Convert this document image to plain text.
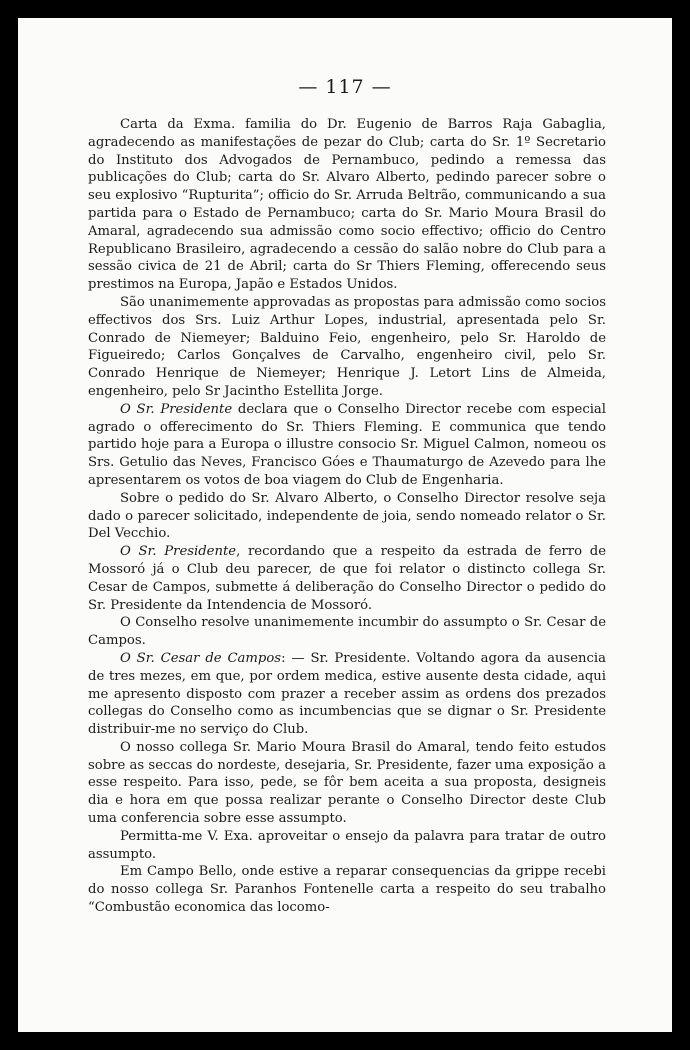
— 117 —

Carta da Exma. familia do Dr. Eugenio de Barros Raja Gabaglia, agradecendo as manifestações de pezar do Club; carta do Sr. 1º Secretario do Instituto dos Advogados de Pernambuco, pedindo a remessa das publicações do Club; carta do Sr. Alvaro Alberto, pedindo parecer sobre o seu explosivo “Rupturita”; officio do Sr. Arruda Beltrão, communicando a sua partida para o Estado de Pernambuco; carta do Sr. Mario Moura Brasil do Amaral, agradecendo sua admissão como socio effectivo; officio do Centro Republicano Brasileiro, agradecendo a cessão do salão nobre do Club para a sessão civica de 21 de Abril; carta do Sr Thiers Fleming, offerecendo seus prestimos na Europa, Japão e Estados Unidos.

São unanimemente approvadas as propostas para admissão como socios effectivos dos Srs. Luiz Arthur Lopes, industrial, apresentada pelo Sr. Conrado de Niemeyer; Balduino Feio, engenheiro, pelo Sr. Haroldo de Figueiredo; Carlos Gonçalves de Carvalho, engenheiro civil, pelo Sr. Conrado Henrique de Niemeyer; Henrique J. Letort Lins de Almeida, engenheiro, pelo Sr Jacintho Estellita Jorge.

O Sr. Presidente declara que o Conselho Director recebe com especial agrado o offerecimento do Sr. Thiers Fleming. E communica que tendo partido hoje para a Europa o illustre consocio Sr. Miguel Calmon, nomeou os Srs. Getulio das Neves, Francisco Góes e Thaumaturgo de Azevedo para lhe apresentarem os votos de boa viagem do Club de Engenharia.

Sobre o pedido do Sr. Alvaro Alberto, o Conselho Director resolve seja dado o parecer solicitado, independente de joia, sendo nomeado relator o Sr. Del Vecchio.

O Sr. Presidente, recordando que a respeito da estrada de ferro de Mossoró já o Club deu parecer, de que foi relator o distincto collega Sr. Cesar de Campos, submette á deliberação do Conselho Director o pedido do Sr. Presidente da Intendencia de Mossoró.

O Conselho resolve unanimemente incumbir do assumpto o Sr. Cesar de Campos.

O Sr. Cesar de Campos: — Sr. Presidente. Voltando agora da ausencia de tres mezes, em que, por ordem medica, estive ausente desta cidade, aqui me apresento disposto com prazer a receber assim as ordens dos prezados collegas do Conselho como as incumbencias que se dignar o Sr. Presidente distribuir-me no serviço do Club.

O nosso collega Sr. Mario Moura Brasil do Amaral, tendo feito estudos sobre as seccas do nordeste, desejaria, Sr. Presidente, fazer uma exposição a esse respeito. Para isso, pede, se fôr bem aceita a sua proposta, designeis dia e hora em que possa realizar perante o Conselho Director deste Club uma conferencia sobre esse assumpto.

Permitta-me V. Exa. aproveitar o ensejo da palavra para tratar de outro assumpto.

Em Campo Bello, onde estive a reparar consequencias da grippe recebi do nosso collega Sr. Paranhos Fontenelle carta a respeito do seu trabalho “Combustão economica das locomo-
